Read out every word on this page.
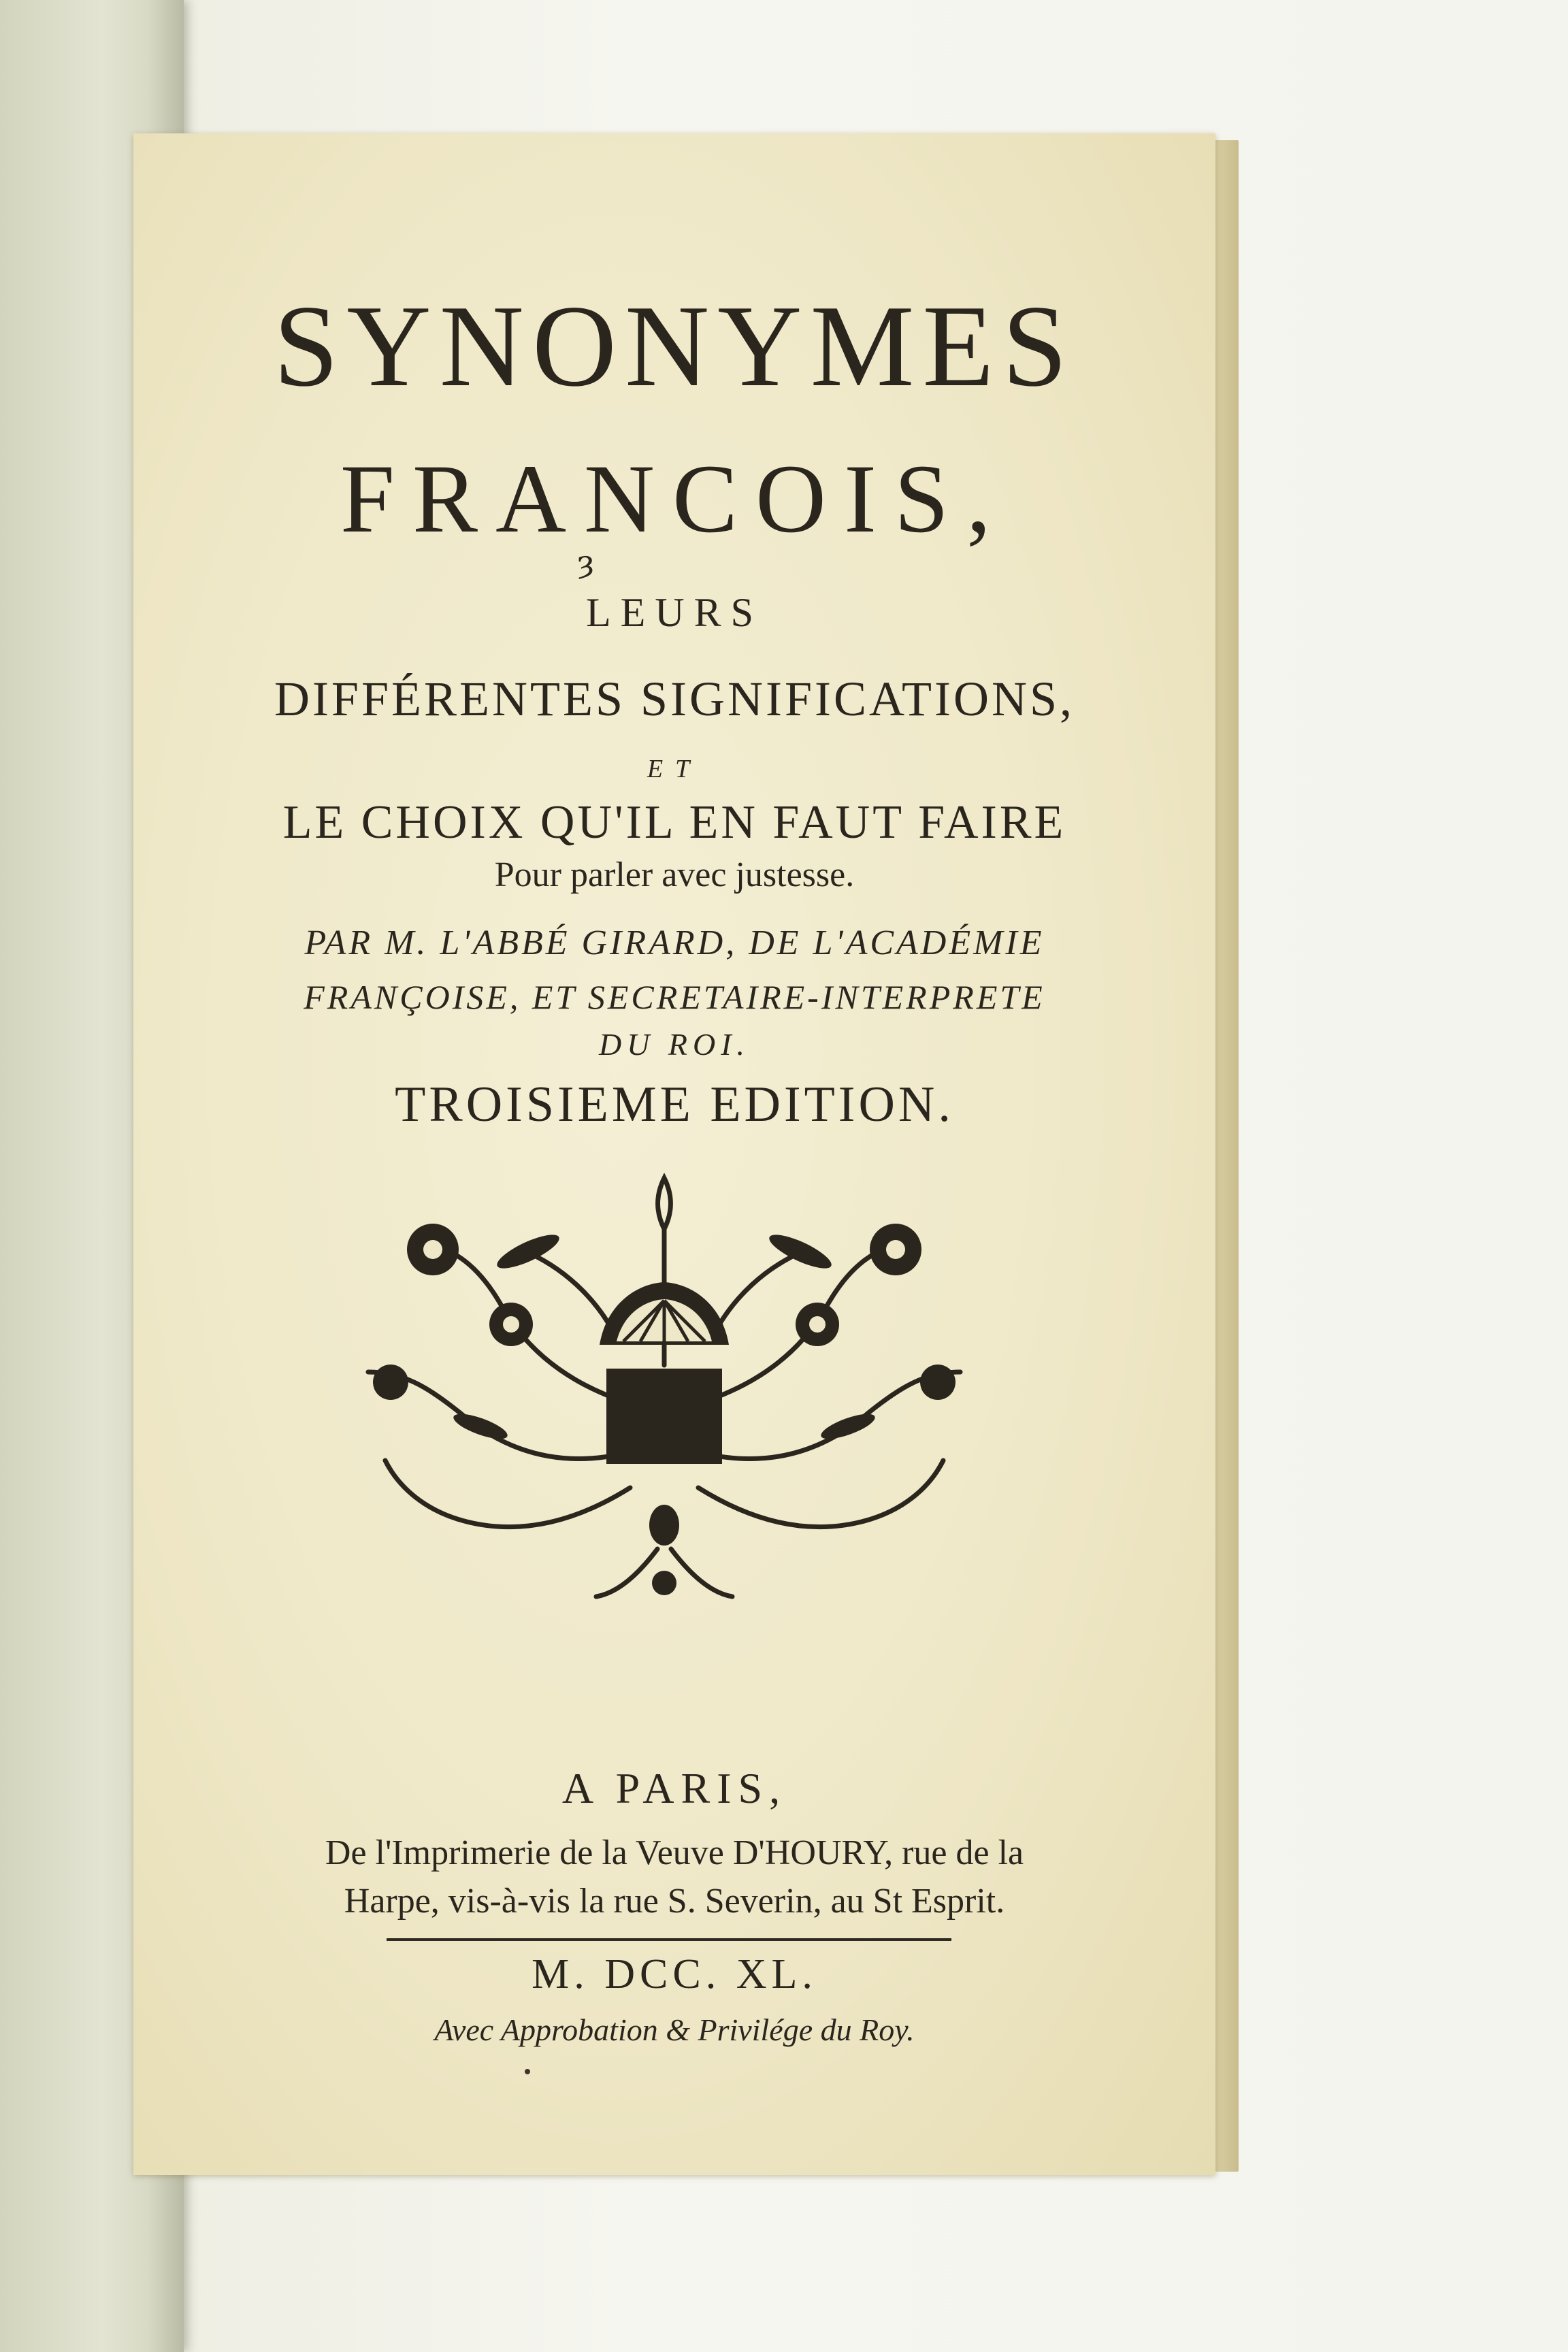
SYNONYMES
FRANCOIS,
ȝ
LEURS
DIFFÉRENTES SIGNIFICATIONS,
ET
LE CHOIX QU'IL EN FAUT FAIRE
Pour parler avec justesse.
PAR M. L'ABBÉ GIRARD, DE L'ACADÉMIE
FRANÇOISE, ET SECRETAIRE-INTERPRETE
DU ROI.
TROISIEME EDITION.
A PARIS,
De l'Imprimerie de la Veuve D'HOURY, rue de la
Harpe, vis-à-vis la rue S. Severin, au St Esprit.
M. DCC. XL.
Avec Approbation & Privilége du Roy.
